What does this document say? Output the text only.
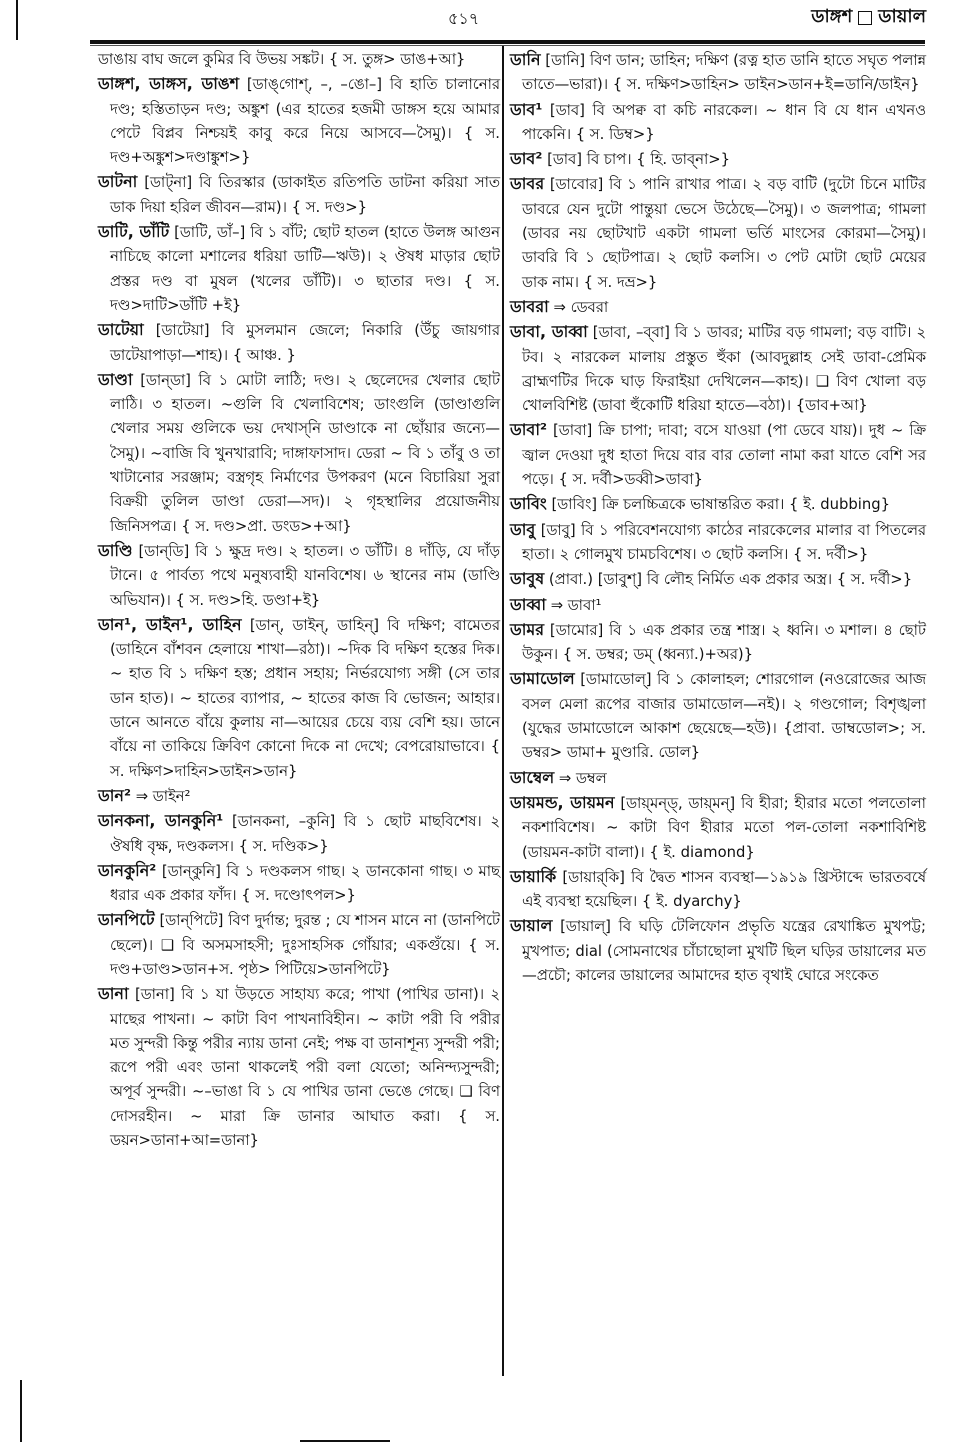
৫১৭	ডাঙ্গশ ডায়াল

ডাঙায় বাঘ জলে কুমির বি উভয় সঙ্কট। { স. তুঙ্গ> ডাঙ+আ}

ডাঙ্গশ, ডাঙ্গস, ডাঙশ [ডাঙ্‌গোশ্‌, –, –ঙো–] বি হাতি চালানোর দণ্ড; হস্তিতাড়ন দণ্ড; অঙ্কুশ (এর হাতের হজমী ডাঙ্গস হয়ে আমার পেটে বিপ্লব নিশ্চয়ই কাবু করে নিয়ে আসবে—সৈমু)। { স. দণ্ড+অঙ্কুশ>দণ্ডাঙ্কুশ>}

ডাটনা [ডাট্‌না] বি তিরস্কার (ডাকাইত রতিপতি ডাটনা করিয়া সাত ডাক দিয়া হরিল জীবন—রাম)। { স. দণ্ড>}

ডাটি, ডাঁটি [ডাটি, ডাঁ–] বি ১ বাঁট; ছোট হাতল (হাতে উলঙ্গ আগুন নাচিছে কালো মশালের ধরিয়া ডাটি—ঋউ)। ২ ঔষধ মাড়ার ছোট প্রস্তর দণ্ড বা মুষল (খলের ডাঁটি)। ৩ ছাতার দণ্ড। { স. দণ্ড>দাটি>ডাঁটি +ই}

ডাটেয়া [ডাটেয়া] বি মুসলমান জেলে; নিকারি (উঁচু জায়গার ডাটেয়াপাড়া—শাহ)। { আঞ্চ. }

ডাণ্ডা [ডান্‌ডা] বি ১ মোটা লাঠি; দণ্ড। ২ ছেলেদের খেলার ছোট লাঠি। ৩ হাতল। ~গুলি বি খেলাবিশেষ; ডাংগুলি (ডাণ্ডাগুলি খেলার সময় গুলিকে ভয় দেখাস্‌নি ডাণ্ডাকে না ছোঁয়ার জন্যে—সৈমু)। ~বাজি বি খুনখারাবি; দাঙ্গাফাসাদ। ডেরা ~ বি ১ তাঁবু ও তা খাটানোর সরঞ্জাম; বস্ত্রগৃহ নির্মাণের উপকরণ (মনে বিচারিয়া সুরা বিক্রয়ী তুলিল ডাণ্ডা ডেরা—সদ)। ২ গৃহস্থালির প্রয়োজনীয় জিনিসপত্র। { স. দণ্ড>প্রা. ডংড>+আ}

ডাণ্ডি [ডান্‌ডি] বি ১ ক্ষুদ্র দণ্ড। ২ হাতল। ৩ ডাঁটি। ৪ দাঁড়ি, যে দাঁড় টানে। ৫ পার্বত্য পথে মনুষ্যবাহী যানবিশেষ। ৬ স্থানের নাম (ডাণ্ডি অভিযান)। { স. দণ্ড>হি. ডণ্ডা+ই}

ডান¹, ডাইন¹, ডাহিন [ডান্‌, ডাইন্‌, ডাহিন্‌] বি দক্ষিণ; বামেতর (ডাহিনে বাঁশবন হেলায়ে শাখা—রঠা)। ~দিক বি দক্ষিণ হস্তের দিক। ~ হাত বি ১ দক্ষিণ হস্ত; প্রধান সহায়; নির্ভরযোগ্য সঙ্গী (সে তার ডান হাত)। ~ হাতের ব্যাপার, ~ হাতের কাজ বি ভোজন; আহার। ডানে আনতে বাঁয়ে কুলায় না—আয়ের চেয়ে ব্যয় বেশি হয়। ডানে বাঁয়ে না তাকিয়ে ক্রিবিণ কোনো দিকে না দেখে; বেপরোয়াভাবে। { স. দক্ষিণ>দাহিন>ডাইন>ডান}

ডান² ⇒ ডাইন²

ডানকনা, ডানকুনি¹ [ডানকনা, –কুনি] বি ১ ছোট মাছবিশেষ। ২ ঔষধি বৃক্ষ, দণ্ডকলস। { স. দণ্ডিক>}

ডানকুনি² [ডান্‌কুনি] বি ১ দণ্ডকলস গাছ। ২ ডানকোনা গাছ। ৩ মাছ ধরার এক প্রকার ফাঁদ। { স. দণ্ডোৎপল>}

ডানপিটে [ডান্‌পিটে] বিণ দুর্দান্ত; দুরন্ত ; যে শাসন মানে না (ডানপিটে ছেলে)। ❑ বি অসমসাহসী; দুঃসাহসিক গোঁয়ার; একগুঁয়ে। { স. দণ্ড+ডাণ্ড>ডান+স. পৃষ্ঠ> পিটিয়ে>ডানপিটে}

ডানা [ডানা] বি ১ যা উড়তে সাহায্য করে; পাখা (পাখির ডানা)। ২ মাছের পাখনা। ~ কাটা বিণ পাখনাবিহীন। ~ কাটা পরী বি পরীর মত সুন্দরী কিন্তু পরীর ন্যায় ডানা নেই; পক্ষ বা ডানাশূন্য সুন্দরী পরী; রূপে পরী এবং ডানা থাকলেই পরী বলা যেতো; অনিন্দ্যসুন্দরী; অপূর্ব সুন্দরী। ~–ভাঙা বি ১ যে পাখির ডানা ভেঙে গেছে। ❑ বিণ দোসরহীন। ~ মারা ক্রি ডানার আঘাত করা। { স. ডয়ন>ডানা+আ=ডানা}

ডানি [ডানি] বিণ ডান; ডাহিন; দক্ষিণ (রত্ন হাত ডানি হাতে সঘৃত পলান্ন তাতে—ভারা)। { স. দক্ষিণ>ডাহিন> ডাইন>ডান+ই=ডানি/ডাইন}

ডাব¹ [ডাব] বি অপক্ব বা কচি নারকেল। ~ ধান বি যে ধান এখনও পাকেনি। { স. ডিম্ব>}

ডাব² [ডাব] বি চাপ। { হি. ডাব্‌না>}

ডাবর [ডাবোর] বি ১ পানি রাখার পাত্র। ২ বড় বাটি (দুটো চিনে মাটির ডাবরে যেন দুটো পান্তুয়া ভেসে উঠেছে—সৈমু)। ৩ জলপাত্র; গামলা (ডাবর নয় ছোটখাট একটা গামলা ভর্তি মাংসের কোরমা—সৈমু)। ডাবরি বি ১ ছোটপাত্র। ২ ছোট কলসি। ৩ পেট মোটা ছোট মেয়ের ডাক নাম। { স. দভ্র>}

ডাবরা ⇒ ডেবরা

ডাবা, ডাব্বা [ডাবা, –ব্‌বা] বি ১ ডাবর; মাটির বড় গামলা; বড় বাটি। ২ টব। ২ নারকেল মালায় প্রস্তুত হুঁকা (আবদুল্লাহ সেই ডাবা-প্রেমিক ব্রাহ্মণটির দিকে ঘাড় ফিরাইয়া দেখিলেন—কাহ)। ❑ বিণ খোলা বড় খোলবিশিষ্ট (ডাবা হুঁকোটি ধরিয়া হাতে—বঠা)। {ডাব+আ}

ডাবা² [ডাবা] ক্রি চাপা; দাবা; বসে যাওয়া (পা ডেবে যায়)। দুধ ~ ক্রি জ্বাল দেওয়া দুধ হাতা দিয়ে বার বার তোলা নামা করা যাতে বেশি সর পড়ে। { স. দর্বী>ডব্বী>ডাবা}

ডাবিং [ডাবিং] ক্রি চলচ্চিত্রকে ভাষান্তরিত করা। { ই. dubbing}

ডাবু [ডাবু] বি ১ পরিবেশনযোগ্য কাঠের নারকেলের মালার বা পিতলের হাতা। ২ গোলমুখ চামচবিশেষ। ৩ ছোট কলসি। { স. দর্বী>}

ডাবুষ (প্রাবা.) [ডাবুশ্‌] বি লৌহ নির্মিত এক প্রকার অস্ত্র। { স. দর্বী>}

ডাব্বা ⇒ ডাবা¹

ডামর [ডামোর] বি ১ এক প্রকার তন্ত্র শাস্ত্র। ২ ধ্বনি। ৩ মশাল। ৪ ছোট উকুন। { স. ডম্বর; ডম্‌ (ধ্বন্যা.)+অর)}

ডামাডোল [ডামাডোল্‌] বি ১ কোলাহল; শোরগোল (নওরোজের আজ বসল মেলা রূপের বাজার ডামাডোল—নই)। ২ গণ্ডগোল; বিশৃঙ্খলা (যুদ্ধের ডামাডোলে আকাশ ছেয়েছে—হউ)। {প্রাবা. ডাম্বডোল>; স. ডম্বর> ডামা+ মুণ্ডারি. ডোল}

ডাম্বেল ⇒ ডম্বল

ডায়মন্ড, ডায়মন [ডায়্‌মন্‌ড্‌, ডায়্‌মন্‌] বি হীরা; হীরার মতো পলতোলা নকশাবিশেষ। ~ কাটা বিণ হীরার মতো পল-তোলা নকশাবিশিষ্ট (ডায়মন-কাটা বালা)। { ই. diamond}

ডায়ার্কি [ডায়ার্‌কি] বি দ্বৈত শাসন ব্যবস্থা—১৯১৯ খ্রিস্টাব্দে ভারতবর্ষে এই ব্যবস্থা হয়েছিল। { ই. dyarchy}

ডায়াল [ডায়াল্‌] বি ঘড়ি টেলিফোন প্রভৃতি যন্ত্রের রেখাঙ্কিত মুখপট্ট; মুখপাত; dial (সোমনাথের চাঁচাছোলা মুখটি ছিল ঘড়ির ডায়ালের মত—প্রচৌ; কালের ডায়ালের আমাদের হাত বৃথাই ঘোরে সংকেত
